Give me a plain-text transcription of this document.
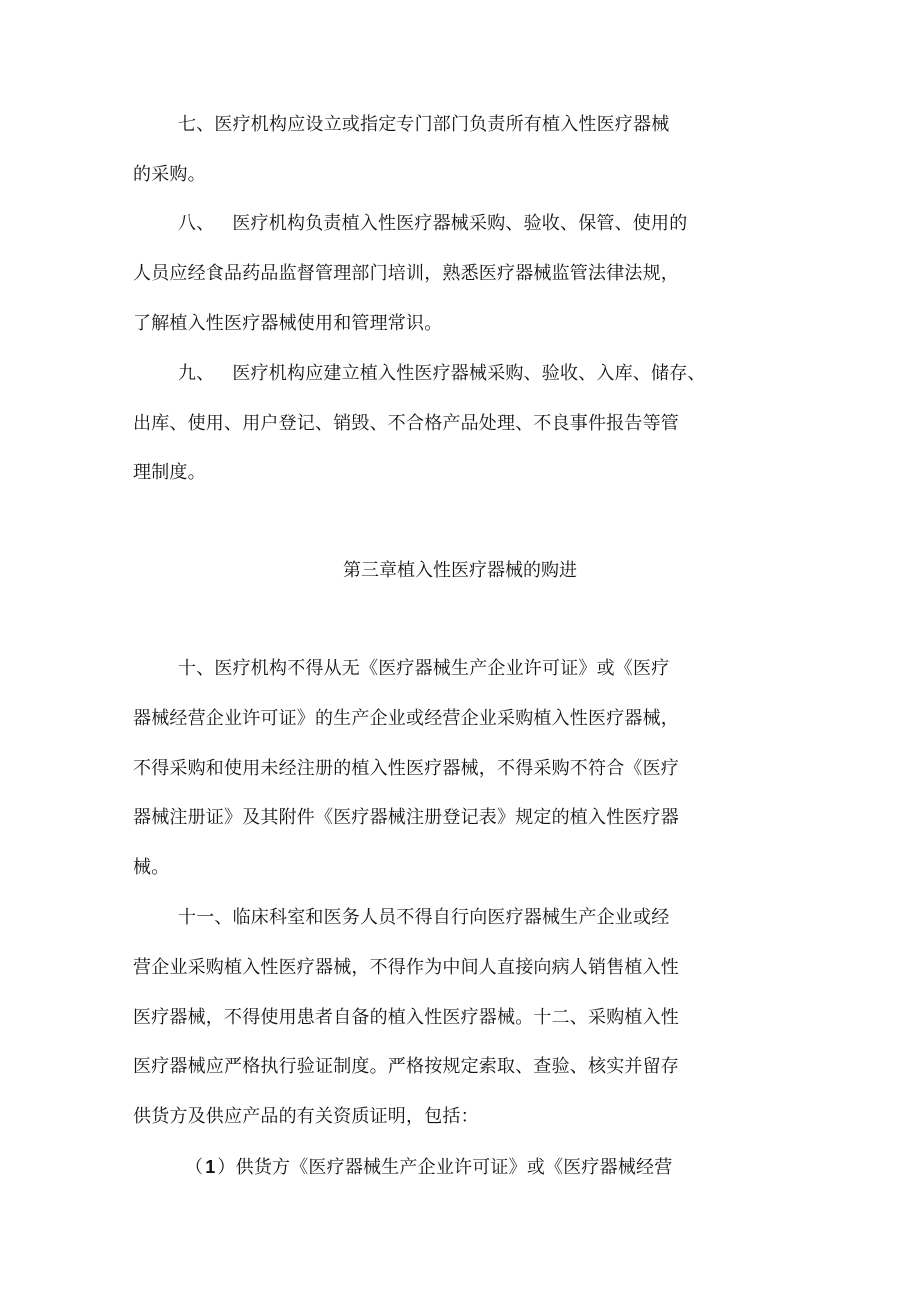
七、医疗机构应设立或指定专门部门负责所有植入性医疗器械
的采购。
八、 医疗机构负责植入性医疗器械采购、验收、保管、使用的
人员应经食品药品监督管理部门培训，熟悉医疗器械监管法律法规，
了解植入性医疗器械使用和管理常识。
九、 医疗机构应建立植入性医疗器械采购、验收、入库、储存、
出库、使用、用户登记、销毁、不合格产品处理、不良事件报告等管
理制度。
第三章植入性医疗器械的购进
十、医疗机构不得从无《医疗器械生产企业许可证》或《医疗
器械经营企业许可证》的生产企业或经营企业采购植入性医疗器械，
不得采购和使用未经注册的植入性医疗器械，不得采购不符合《医疗
器械注册证》及其附件《医疗器械注册登记表》规定的植入性医疗器
械。
十一、临床科室和医务人员不得自行向医疗器械生产企业或经
营企业采购植入性医疗器械，不得作为中间人直接向病人销售植入性
医疗器械，不得使用患者自备的植入性医疗器械。十二、采购植入性
医疗器械应严格执行验证制度。严格按规定索取、查验、核实并留存
供货方及供应产品的有关资质证明，包括：
（ 1 ）供货方《医疗器械生产企业许可证》或《医疗器械经营
